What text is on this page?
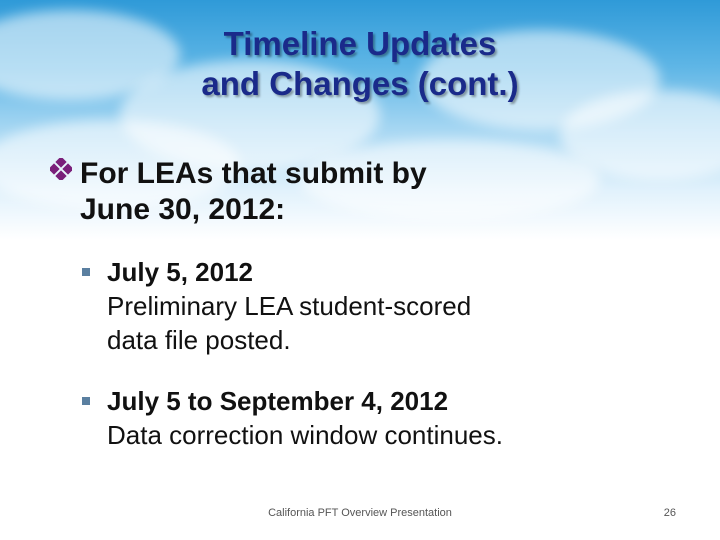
Timeline Updates
and Changes (cont.)
For LEAs that submit by
June 30, 2012:
July 5, 2012
Preliminary LEA student-scored
data file posted.
July 5 to September 4, 2012
Data correction window continues.
California PFT Overview Presentation	26
